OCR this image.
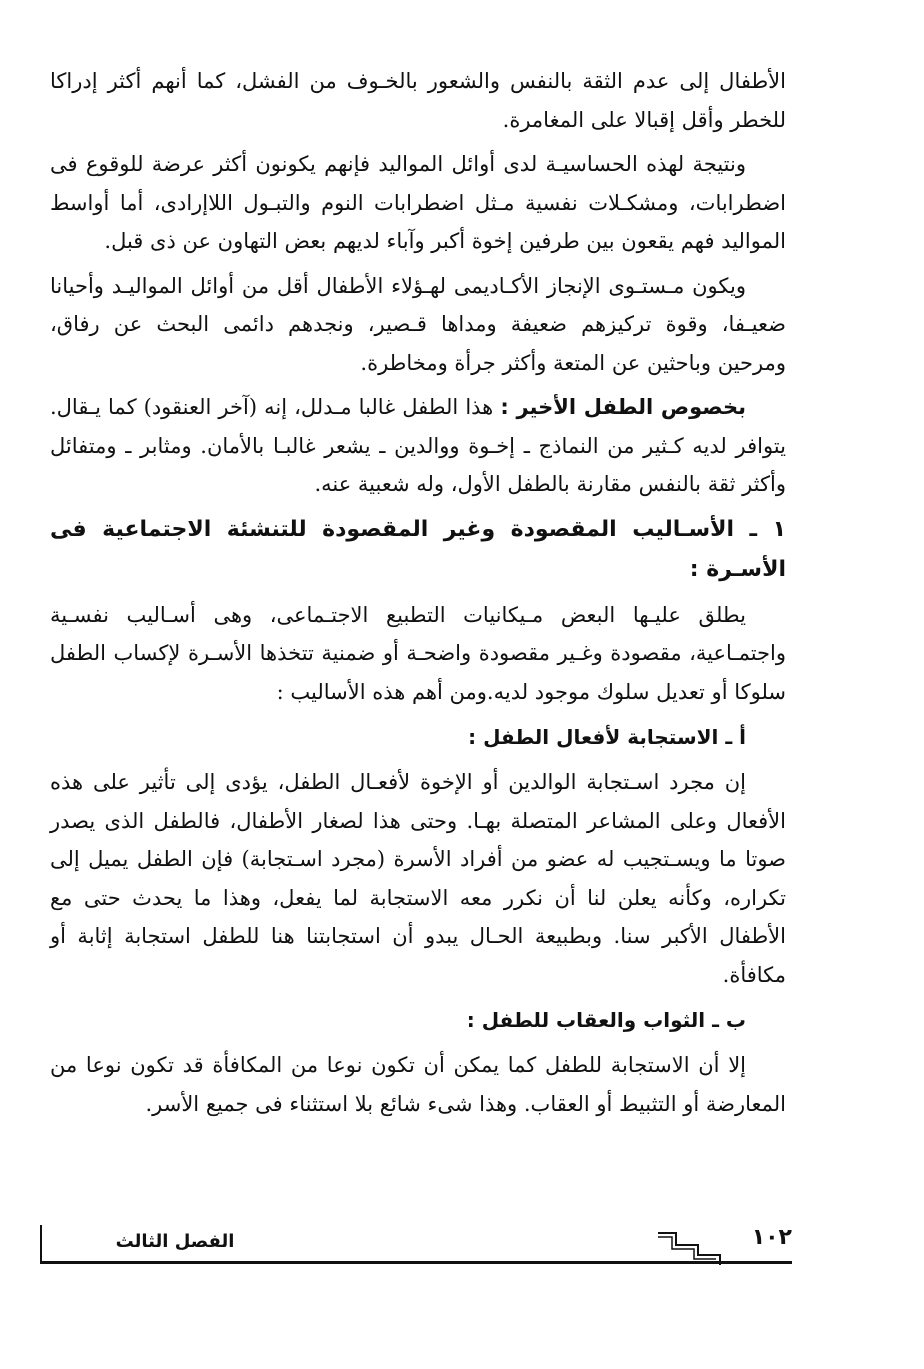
الأطفال إلى عدم الثقة بالنفس والشعور بالخـوف من الفشل، كما أنهم أكثر إدراكا للخطر وأقل إقبالا على المغامرة.

ونتيجة لهذه الحساسيـة لدى أوائل المواليد فإنهم يكونون أكثر عرضة للوقوع فى اضطرابات، ومشكـلات نفسية مـثل اضطرابات النوم والتبـول اللاإرادى، أما أواسط المواليد فهم يقعون بين طرفين إخوة أكبر وآباء لديهم بعض التهاون عن ذى قبل.

ويكون مـستـوى الإنجاز الأكـاديمى لهـؤلاء الأطفال أقل من أوائل المواليـد وأحيانا ضعيـفا، وقوة تركيزهم ضعيفة ومداها قـصير، ونجدهم دائمى البحث عن رفاق، ومرحين وباحثين عن المتعة وأكثر جرأة ومخاطرة.

بخصوص الطفل الأخير : هذا الطفل غالبا مـدلل، إنه (آخر العنقود) كما يـقال. يتوافر لديه كـثير من النماذج ـ إخـوة ووالدين ـ يشعر غالبـا بالأمان. ومثابر ـ ومتفائل وأكثر ثقة بالنفس مقارنة بالطفل الأول، وله شعبية عنه.

١ ـ الأسـاليب المقصودة وغير المقصودة للتنشئة الاجتماعية فى الأسـرة :

يطلق عليـها البعض مـيكانيات التطبيع الاجتـماعى، وهى أسـاليب نفسـية واجتمـاعية، مقصودة وغـير مقصودة واضحـة أو ضمنية تتخذها الأسـرة لإكساب الطفل سلوكا أو تعديل سلوك موجود لديه.ومن أهم هذه الأساليب :

أ ـ الاستجابة لأفعال الطفل :

إن مجرد اسـتجابة الوالدين أو الإخوة لأفعـال الطفل، يؤدى إلى تأثير على هذه الأفعال وعلى المشاعر المتصلة بهـا. وحتى هذا لصغار الأطفال، فالطفل الذى يصدر صوتا ما ويسـتجيب له عضو من أفراد الأسرة (مجرد اسـتجابة) فإن الطفل يميل إلى تكراره، وكأنه يعلن لنا أن نكرر معه الاستجابة لما يفعل، وهذا ما يحدث حتى مع الأطفال الأكبر سنا. وبطبيعة الحـال يبدو أن استجابتنا هنا للطفل استجابة إثابة أو مكافأة.

ب ـ الثواب والعقاب للطفل :

إلا أن الاستجابة للطفل كما يمكن أن تكون نوعا من المكافأة قد تكون نوعا من المعارضة أو التثبيط أو العقاب. وهذا شىء شائع بلا استثناء فى جميع الأسر.

الفصل الثالث	١٠٢
